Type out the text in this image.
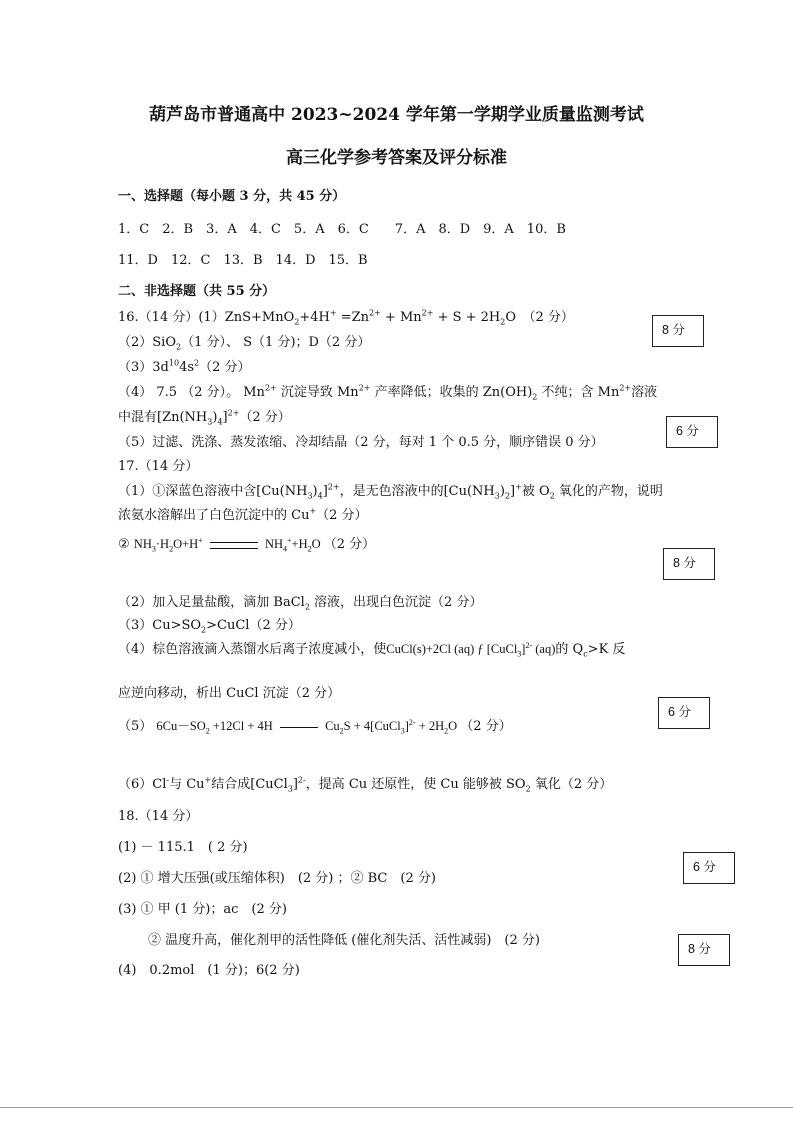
葫芦岛市普通高中 2023~2024 学年第一学期学业质量监测考试
高三化学参考答案及评分标准
一、选择题（每小题 3 分，共 45 分）
1．C　2．B　3．A　4．C　5．A　6．C　　7．A　8．D　9．A　10．B
11．D　12．C　13．B　14．D　15．B
二、非选择题（共 55 分）
16.（14 分）$(1)ZnS+MnO_2+4H^+ =Zn^{2+} + Mn^{2+} + S + 2H_2O$　（2 分）
（2）SiO$_2$（1 分）、 S（1 分)；D（2 分）
$(3)3d^{10}4s^2(2$ 分）
（4） 7.5 （2 分）。 $Mn^{2+}$ 沉淀导致 $Mn^{2+}$ 产率降低；收集的 $Zn(OH)_2$ 不纯；含 $Mn^{2+}$溶液
中混有$[Zn(NH_3)_4]^{2+}(2$ 分）
（5）过滤、洗涤、蒸发浓缩、冷却结晶（2 分，每对 1 个 0.5 分，顺序错误 0 分）
17.（14 分）
（1）①深蓝色溶液中含$[Cu(NH_3)_4]^{2+}$，是无色溶液中的$[Cu(NH_3)_2]^+$被 $O_2$ 氧化的产物，说明
浓氨水溶解出了白色沉淀中的 Cu+（2 分）
② $NH_3\cdot H_2O+H^+$	$NH_4^++H_2O$ （2 分）
（2）加入足量盐酸，滴加 BaCl$_2$ 溶液，出现白色沉淀（2 分）
$(3)Cu>SO_2>CuCl(2$ 分）
（4）棕色溶液滴入蒸馏水后离子浓度减小，使CuCl(s)+2Cl (aq) ƒ [CuCl$_3$]$^{2-}$ (aq)的 $Q_c>K$ 反
应逆向移动，析出 CuCl 沉淀（2 分）
（5） $6Cu-SO_2 +12Cl + 4H$	$Cu_2S$ + 4[CuCl$_3$]$^{2-}$ + $2H_2O$ （2 分）
（6）Cl-与 Cu+结合成[CuCl$_3$]$^{2-}$，提高 Cu 还原性，使 Cu 能够被 $SO_2$ 氧化（2 分）
18.（14 分）
(1) － 115.1　( 2 分)
(2) ① 增大压强(或压缩体积)　(2 分) ；② BC　(2 分)
(3) ① 甲 (1 分)；ac　(2 分)
② 温度升高，催化剂甲的活性降低 (催化剂失活、活性减弱)　(2 分)
(4)　0.2mol　(1 分)；6(2 分)
8 分
6 分
8 分
6 分
6 分
8 分
